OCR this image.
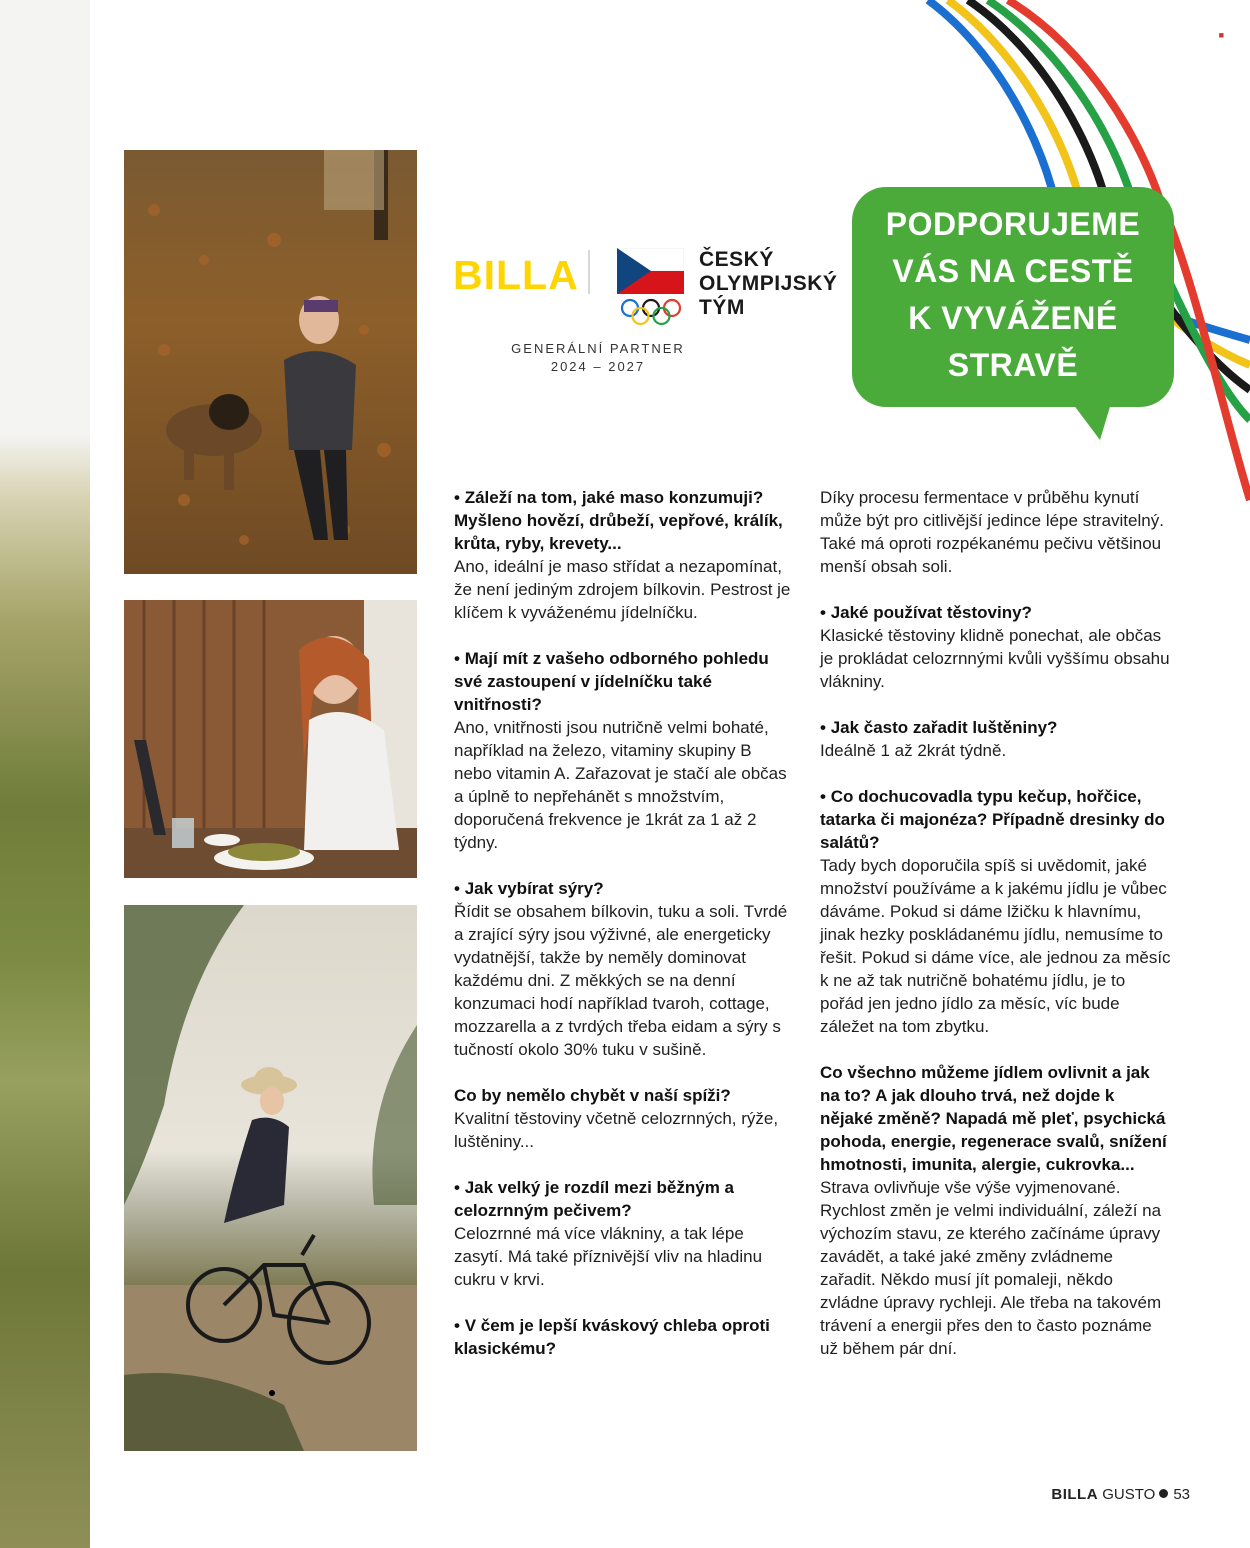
■
BILLA	ČESKÝ
OLYMPIJSKÝ
TÝM
GENERÁLNÍ PARTNER
2024 – 2027
PODPORUJEME
VÁS NA CESTĚ
K VYVÁŽENÉ
STRAVĚ
• Záleží na tom, jaké maso konzumuji? Myšleno hovězí, drůbeží, vepřové, králík, krůta, ryby, krevety...
Ano, ideální je maso střídat a nezapomínat, že není jediným zdrojem bílkovin. Pestrost je klíčem k vyváženému jídelníčku.
• Mají mít z vašeho odborného pohledu své zastoupení v jídelníčku také vnitřnosti?
Ano, vnitřnosti jsou nutričně velmi bohaté, například na železo, vitaminy skupiny B nebo vitamin A. Zařazovat je stačí ale občas a úplně to nepřehánět s množstvím, doporučená frekvence je 1krát za 1 až 2 týdny.
• Jak vybírat sýry?
Řídit se obsahem bílkovin, tuku a soli. Tvrdé a zrající sýry jsou výživné, ale energeticky vydatnější, takže by neměly dominovat každému dni. Z měkkých se na denní konzumaci hodí například tvaroh, cottage, mozzarella a z tvrdých třeba eidam a sýry s tučností okolo 30% tuku v sušině.
Co by nemělo chybět v naší spíži?
Kvalitní těstoviny včetně celozrnných, rýže, luštěniny...
• Jak velký je rozdíl mezi běžným a celozrnným pečivem?
Celozrnné má více vlákniny, a tak lépe zasytí. Má také příznivější vliv na hladinu cukru v krvi.
• V čem je lepší kváskový chleba oproti klasickému?
Díky procesu fermentace v průběhu kynutí může být pro citlivější jedince lépe stravitelný. Také má oproti rozpékanému pečivu většinou menší obsah soli.
• Jaké používat těstoviny?
Klasické těstoviny klidně ponechat, ale občas je prokládat celozrnnými kvůli vyššímu obsahu vlákniny.
• Jak často zařadit luštěniny?
Ideálně 1 až 2krát týdně.
• Co dochucovadla typu kečup, hořčice, tatarka či majonéza? Případně dresinky do salátů?
Tady bych doporučila spíš si uvědomit, jaké množství používáme a k jakému jídlu je vůbec dáváme. Pokud si dáme lžičku k hlavnímu, jinak hezky poskládanému jídlu, nemusíme to řešit. Pokud si dáme více, ale jednou za měsíc k ne až tak nutričně bohatému jídlu, je to pořád jen jedno jídlo za měsíc, víc bude záležet na tom zbytku.
Co všechno můžeme jídlem ovlivnit a jak na to? A jak dlouho trvá, než dojde k nějaké změně? Napadá mě pleť, psychická pohoda, energie, regenerace svalů, snížení hmotnosti, imunita, alergie, cukrovka...
Strava ovlivňuje vše výše vyjmenované. Rychlost změn je velmi individuální, záleží na výchozím stavu, ze kterého začínáme úpravy zavádět, a také jaké změny zvládneme zařadit. Někdo musí jít pomaleji, někdo zvládne úpravy rychleji. Ale třeba na takovém trávení a energii přes den to často poznáme už během pár dní.
BILLA GUSTO 53
